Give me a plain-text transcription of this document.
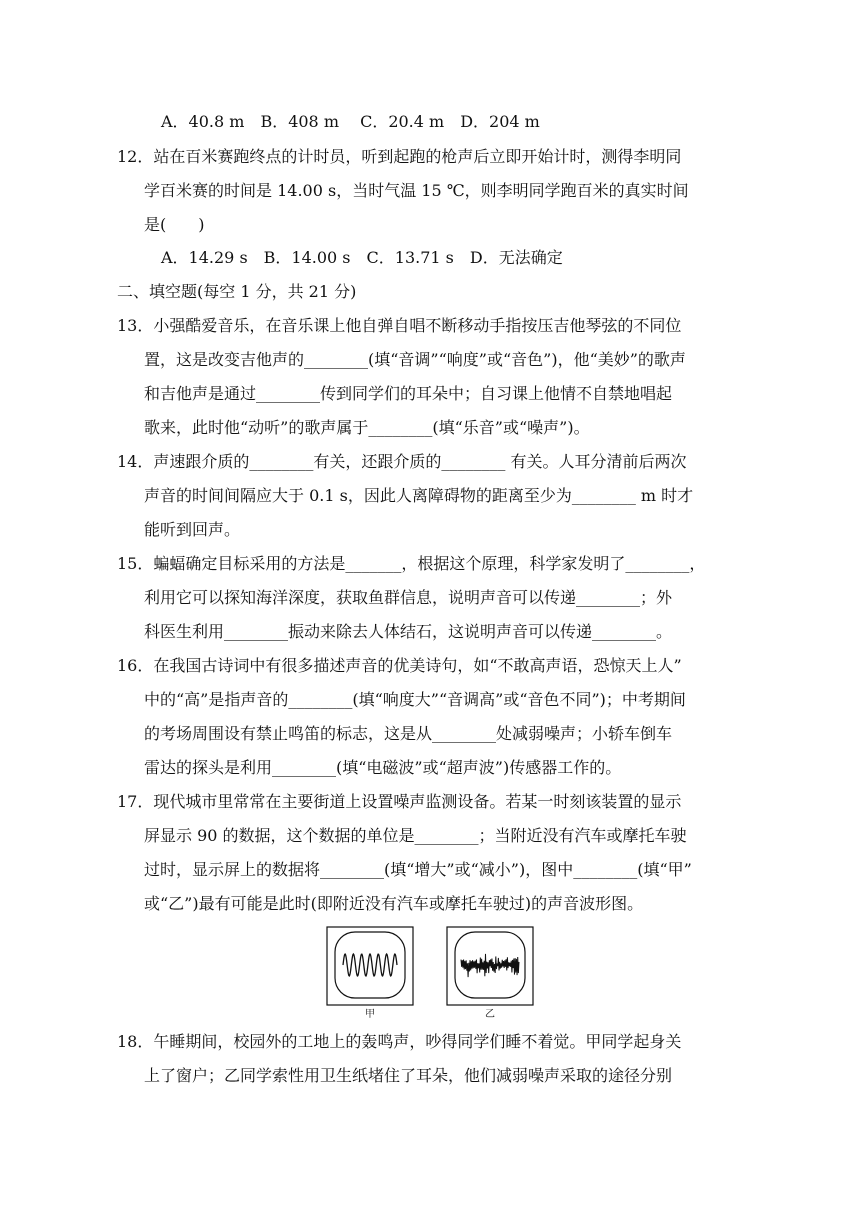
A．40.8 m　B．408 m　 C．20.4 m　D．204 m
12．站在百米赛跑终点的计时员，听到起跑的枪声后立即开始计时，测得李明同
学百米赛的时间是 14.00 s，当时气温 15 ℃，则李明同学跑百米的真实时间
是(　　)
A．14.29 s　B．14.00 s　C．13.71 s　D．无法确定
二、填空题(每空 1 分，共 21 分)
13．小强酷爱音乐，在音乐课上他自弹自唱不断移动手指按压吉他琴弦的不同位
置，这是改变吉他声的________(填“音调”“响度”或“音色”)，他“美妙”的歌声
和吉他声是通过________传到同学们的耳朵中；自习课上他情不自禁地唱起
歌来，此时他“动听”的歌声属于________(填“乐音”或“噪声”)。
14．声速跟介质的________有关，还跟介质的________ 有关。人耳分清前后两次
声音的时间间隔应大于 0.1 s，因此人离障碍物的距离至少为________ m 时才
能听到回声。
15．蝙蝠确定目标采用的方法是_______，根据这个原理，科学家发明了________，
利用它可以探知海洋深度，获取鱼群信息，说明声音可以传递________；外
科医生利用________振动来除去人体结石，这说明声音可以传递________。
16．在我国古诗词中有很多描述声音的优美诗句，如“不敢高声语，恐惊天上人”
中的“高”是指声音的________(填“响度大”“音调高”或“音色不同”)；中考期间
的考场周围设有禁止鸣笛的标志，这是从________处减弱噪声；小轿车倒车
雷达的探头是利用________(填“电磁波”或“超声波”)传感器工作的。
17．现代城市里常常在主要街道上设置噪声监测设备。若某一时刻该装置的显示
屏显示 90 的数据，这个数据的单位是________；当附近没有汽车或摩托车驶
过时，显示屏上的数据将________(填“增大”或“减小”)，图中________(填“甲”
或“乙”)最有可能是此时(即附近没有汽车或摩托车驶过)的声音波形图。
甲	乙
18．午睡期间，校园外的工地上的轰鸣声，吵得同学们睡不着觉。甲同学起身关
上了窗户；乙同学索性用卫生纸堵住了耳朵，他们减弱噪声采取的途径分别
